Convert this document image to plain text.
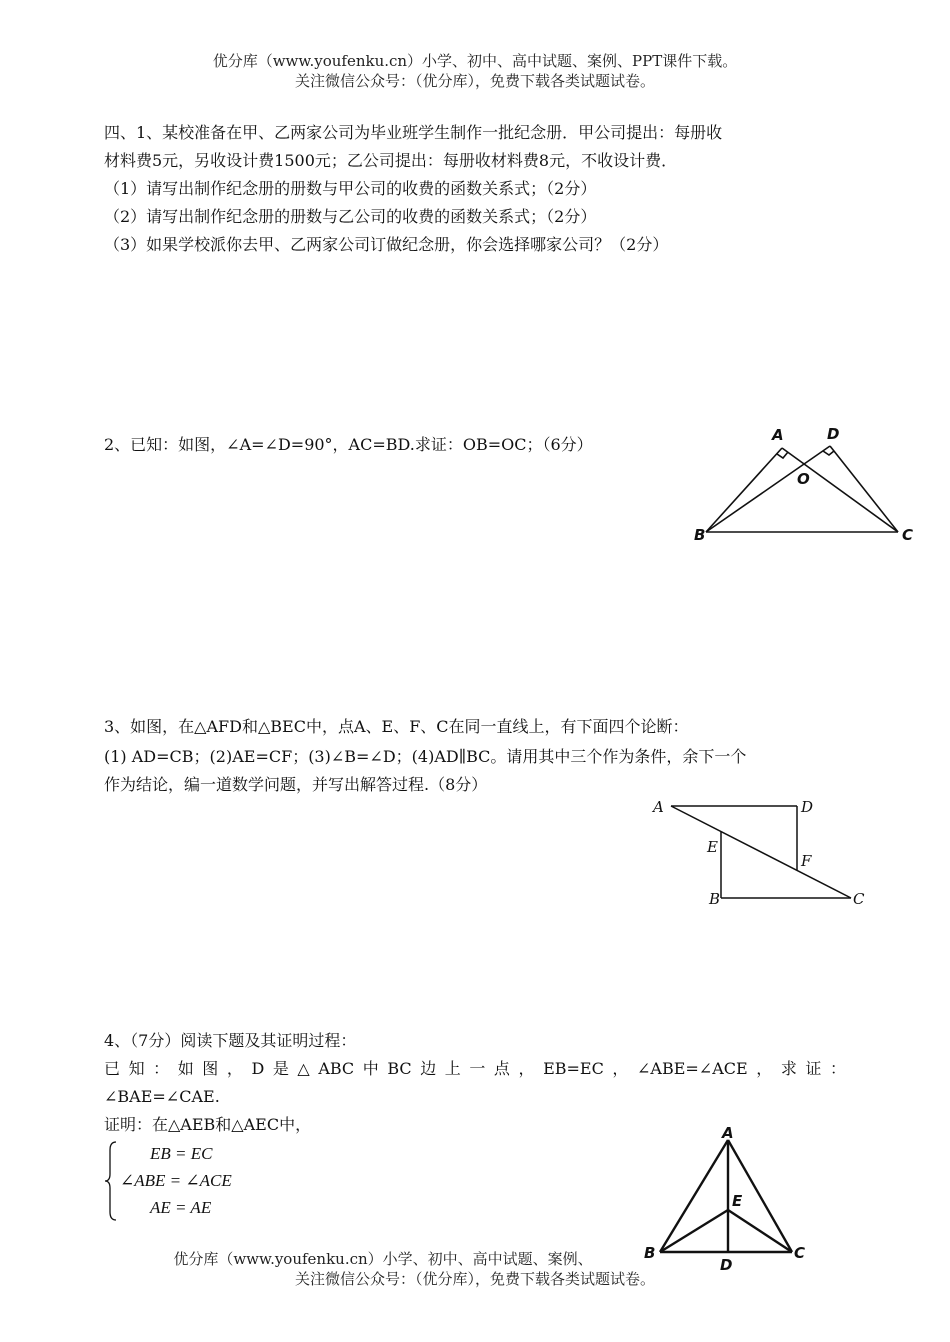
优分库（www.youfenku.cn）小学、初中、高中试题、案例、PPT课件下载。
关注微信公众号：（优分库），免费下载各类试题试卷。
四、1、某校准备在甲、乙两家公司为毕业班学生制作一批纪念册．甲公司提出：每册收
材料费5元，另收设计费1500元；乙公司提出：每册收材料费8元，不收设计费．
（1）请写出制作纪念册的册数与甲公司的收费的函数关系式；（2分）
（2）请写出制作纪念册的册数与乙公司的收费的函数关系式；（2分）
（3）如果学校派你去甲、乙两家公司订做纪念册，你会选择哪家公司？（2分）
2、已知：如图，∠A=∠D=90°，AC=BD.求证：OB=OC；（6分）	A	D
O
B	C
3、如图，在△AFD和△BEC中，点A、E、F、C在同一直线上，有下面四个论断：
(1) AD=CB；(2)AE=CF；(3)∠B=∠D；(4)AD∥BC。请用其中三个作为条件，余下一个
作为结论，编一道数学问题，并写出解答过程.（8分）
A	D
E
F
B	C
4、（7分）阅读下题及其证明过程：
已知：如图，D是△ABC中BC边上一点，EB=EC，∠ABE=∠ACE，求证：
∠BAE=∠CAE.
证明：在△AEB和△AEC中，
EB = EC
∠ABE = ∠ACE
AE = AE
A
E
B
D
C
优分库（www.youfenku.cn）小学、初中、高中试题、案例、
关注微信公众号：（优分库），免费下载各类试题试卷。
